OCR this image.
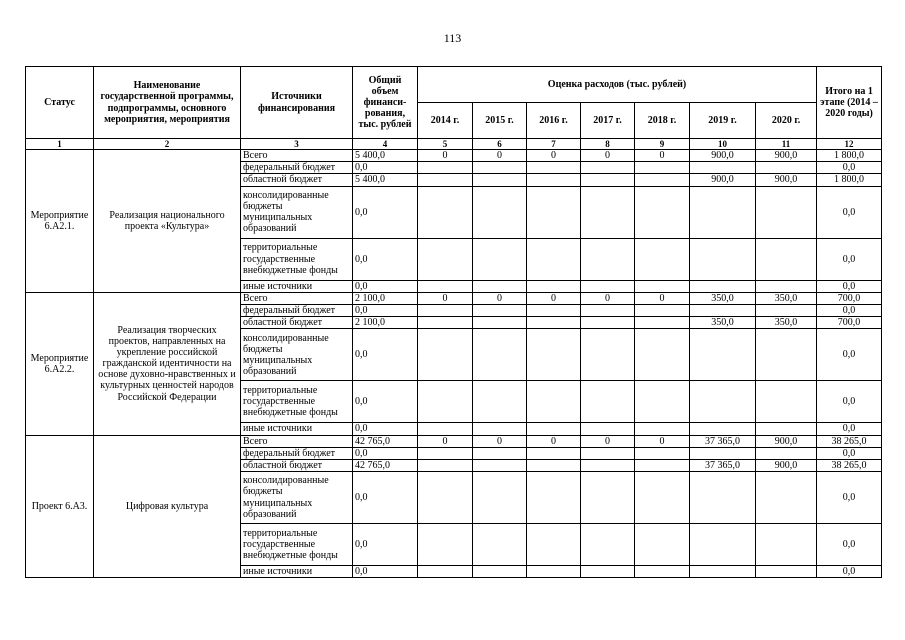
113
Статус	Наименование государственной программы, подпрограммы, основного мероприятия, мероприятия	Источники финансирования	Общий объем финанси-рования, тыс. рублей	Оценка расходов (тыс. рублей)							Итого на 1 этапе (2014 – 2020 годы)
				2014 г.	2015 г.	2016 г.	2017 г.	2018 г.	2019 г.	2020 г.	
1	2	3	4	5	6	7	8	9	10	11	12
Мероприятие 6.А2.1.	Реализация национального проекта «Культура»	Всего	5 400,0	0	0	0	0	0	900,0	900,0	1 800,0
		федеральный бюджет	0,0								0,0
		областной бюджет	5 400,0						900,0	900,0	1 800,0
		консолидированные бюджеты муниципальных образований	0,0								0,0
		территориальные государственные внебюджетные фонды	0,0								0,0
		иные источники	0,0								0,0
Мероприятие 6.А2.2.	Реализация творческих проектов, направленных на укрепление российской гражданской идентичности на основе духовно-нравственных и культурных ценностей народов Российской Федерации	Всего	2 100,0	0	0	0	0	0	350,0	350,0	700,0
		федеральный бюджет	0,0								0,0
		областной бюджет	2 100,0						350,0	350,0	700,0
		консолидированные бюджеты муниципальных образований	0,0								0,0
		территориальные государственные внебюджетные фонды	0,0								0,0
		иные источники	0,0								0,0
Проект 6.А3.	Цифровая культура	Всего	42 765,0	0	0	0	0	0	37 365,0	900,0	38 265,0
		федеральный бюджет	0,0								0,0
		областной бюджет	42 765,0						37 365,0	900,0	38 265,0
		консолидированные бюджеты муниципальных образований	0,0								0,0
		территориальные государственные внебюджетные фонды	0,0								0,0
		иные источники	0,0								0,0
